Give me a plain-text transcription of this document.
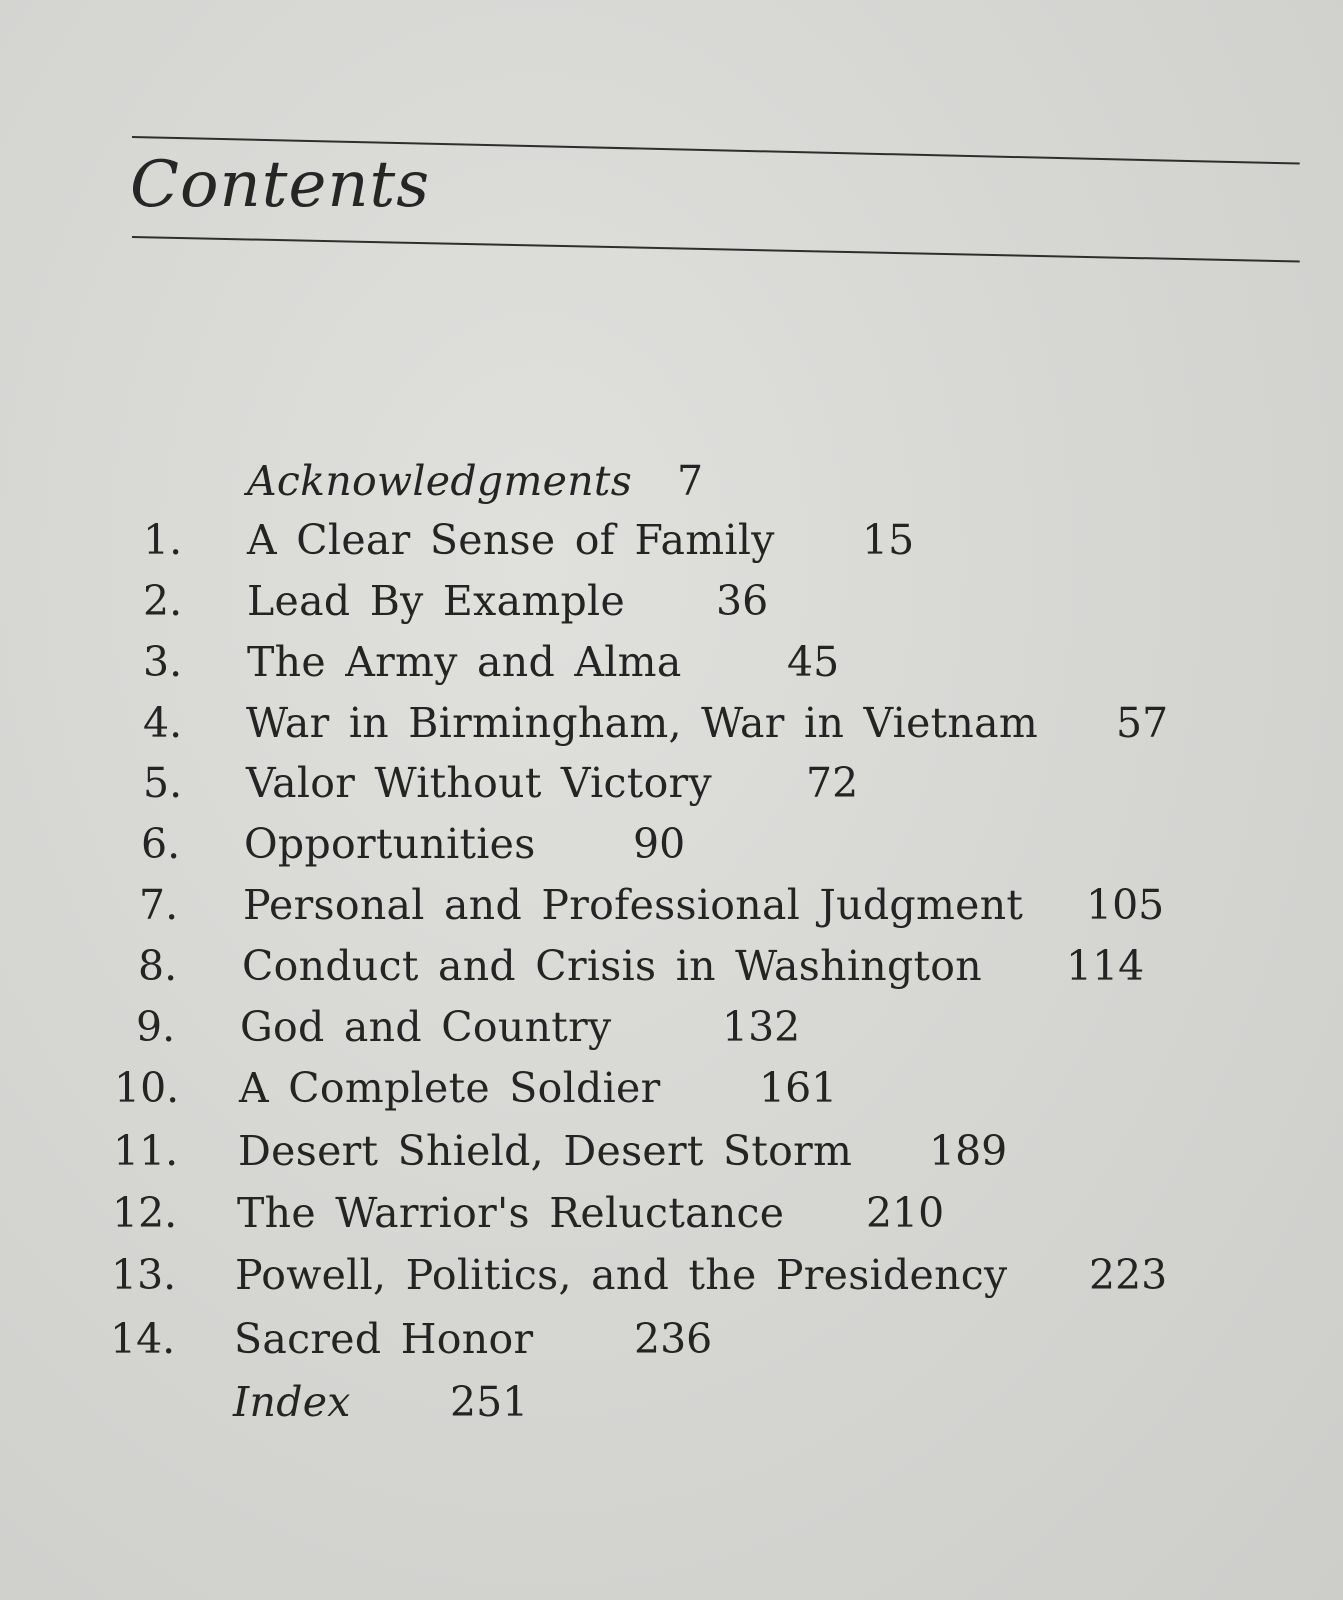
Contents
Acknowledgments 7
1. A Clear Sense of Family 15
2. Lead By Example 36
3. The Army and Alma	45
4. War in Birmingham, War in Vietnam 57
5. Valor Without Victory 72
6. Opportunities 90
7. Personal and Professional Judgment 105
8. Conduct and Crisis in Washington 114
9. God and Country	132
10. A Complete Soldier 161
11. Desert Shield, Desert Storm 189
12. The Warrior's Reluctance 210
13. Powell, Politics, and the Presidency 223
14. Sacred Honor 236
Index 251
